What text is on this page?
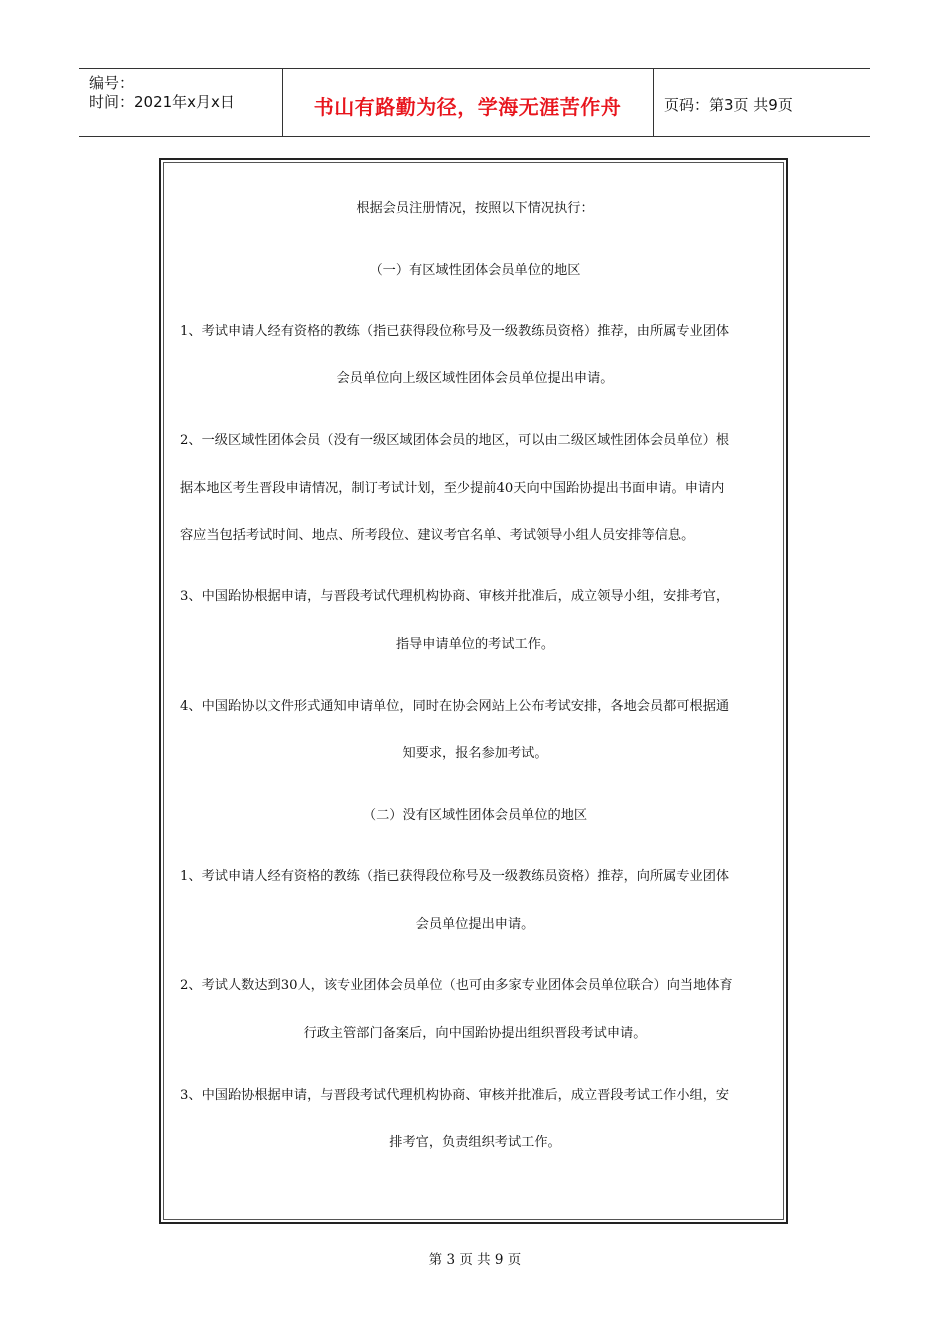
编号：
时间：2021年x月x日	书山有路勤为径，学海无涯苦作舟	页码：第3页 共9页
根据会员注册情况，按照以下情况执行：
（一）有区域性团体会员单位的地区
1、考试申请人经有资格的教练（指已获得段位称号及一级教练员资格）推荐，由所属专业团体
会员单位向上级区域性团体会员单位提出申请。
2、一级区域性团体会员（没有一级区域团体会员的地区，可以由二级区域性团体会员单位）根
据本地区考生晋段申请情况，制订考试计划，至少提前40天向中国跆协提出书面申请。申请内
容应当包括考试时间、地点、所考段位、建议考官名单、考试领导小组人员安排等信息。
3、中国跆协根据申请，与晋段考试代理机构协商、审核并批准后，成立领导小组，安排考官，
指导申请单位的考试工作。
4、中国跆协以文件形式通知申请单位，同时在协会网站上公布考试安排，各地会员都可根据通
知要求，报名参加考试。
（二）没有区域性团体会员单位的地区
1、考试申请人经有资格的教练（指已获得段位称号及一级教练员资格）推荐，向所属专业团体
会员单位提出申请。
2、考试人数达到30人，该专业团体会员单位（也可由多家专业团体会员单位联合）向当地体育
行政主管部门备案后，向中国跆协提出组织晋段考试申请。
3、中国跆协根据申请，与晋段考试代理机构协商、审核并批准后，成立晋段考试工作小组，安
排考官，负责组织考试工作。
第 3 页 共 9 页
